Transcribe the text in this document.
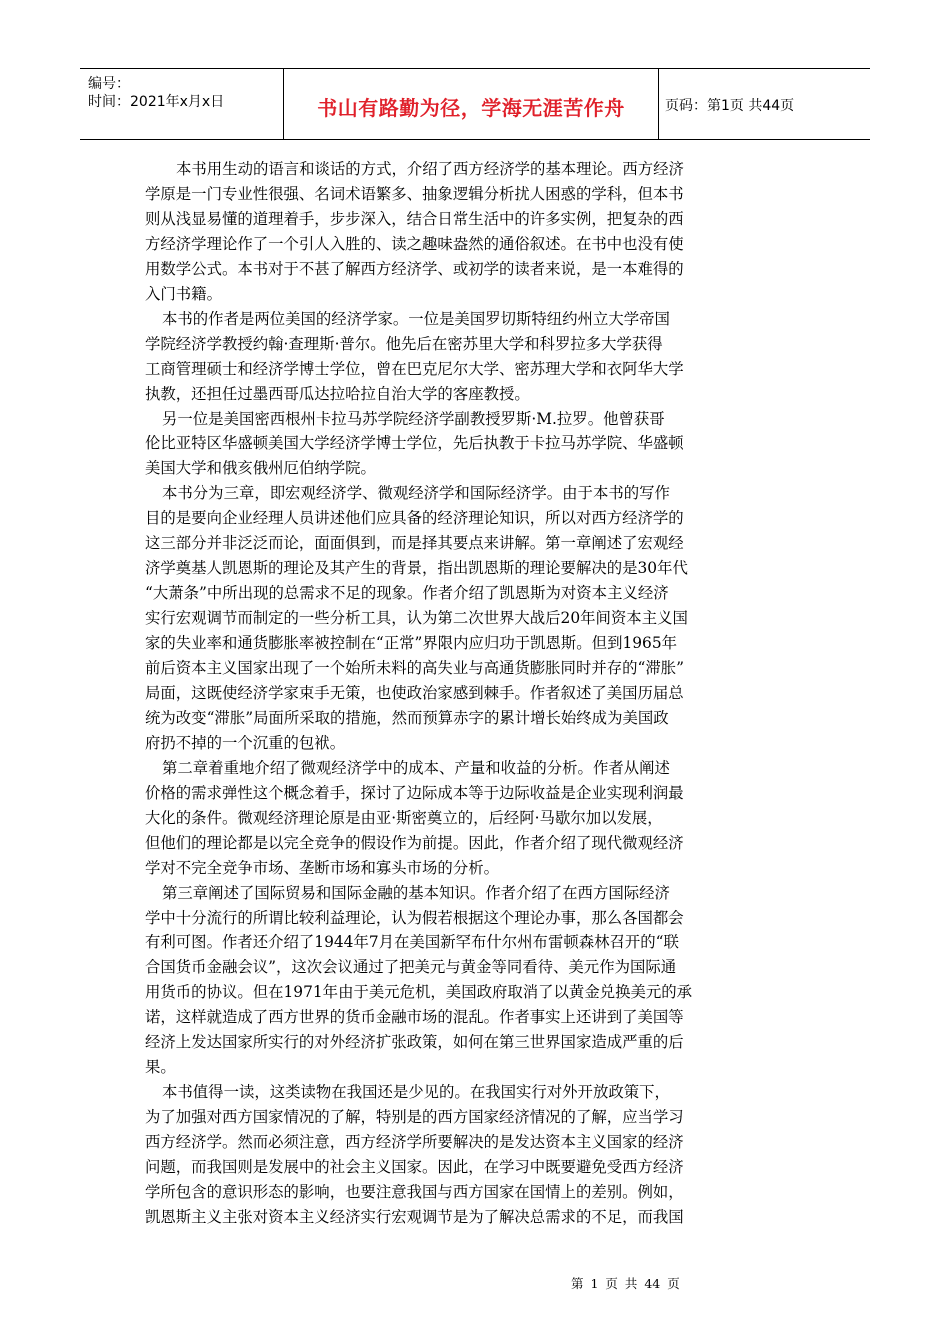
编号：
时间：2021年x月x日	书山有路勤为径，学海无涯苦作舟	页码：第1页 共44页
本书用生动的语言和谈话的方式，介绍了西方经济学的基本理论。西方经济
学原是一门专业性很强、名词术语繁多、抽象逻辑分析扰人困惑的学科，但本书
则从浅显易懂的道理着手，步步深入，结合日常生活中的许多实例，把复杂的西
方经济学理论作了一个引人入胜的、读之趣味盎然的通俗叙述。在书中也没有使
用数学公式。本书对于不甚了解西方经济学、或初学的读者来说，是一本难得的
入门书籍。
本书的作者是两位美国的经济学家。一位是美国罗切斯特纽约州立大学帝国
学院经济学教授约翰·查理斯·普尔。他先后在密苏里大学和科罗拉多大学获得
工商管理硕士和经济学博士学位，曾在巴克尼尔大学、密苏理大学和衣阿华大学
执教，还担任过墨西哥瓜达拉哈拉自治大学的客座教授。
另一位是美国密西根州卡拉马苏学院经济学副教授罗斯·M.拉罗。他曾获哥
伦比亚特区华盛顿美国大学经济学博士学位，先后执教于卡拉马苏学院、华盛顿
美国大学和俄亥俄州厄伯纳学院。
本书分为三章，即宏观经济学、微观经济学和国际经济学。由于本书的写作
目的是要向企业经理人员讲述他们应具备的经济理论知识，所以对西方经济学的
这三部分并非泛泛而论，面面俱到，而是择其要点来讲解。第一章阐述了宏观经
济学奠基人凯恩斯的理论及其产生的背景，指出凯恩斯的理论要解决的是30年代
“大萧条”中所出现的总需求不足的现象。作者介绍了凯恩斯为对资本主义经济
实行宏观调节而制定的一些分析工具，认为第二次世界大战后20年间资本主义国
家的失业率和通货膨胀率被控制在“正常”界限内应归功于凯恩斯。但到1965年
前后资本主义国家出现了一个始所未料的高失业与高通货膨胀同时并存的“滞胀”
局面，这既使经济学家束手无策，也使政治家感到棘手。作者叙述了美国历届总
统为改变“滞胀”局面所采取的措施，然而预算赤字的累计增长始终成为美国政
府扔不掉的一个沉重的包袱。
第二章着重地介绍了微观经济学中的成本、产量和收益的分析。作者从阐述
价格的需求弹性这个概念着手，探讨了边际成本等于边际收益是企业实现利润最
大化的条件。微观经济理论原是由亚·斯密奠立的，后经阿·马歇尔加以发展，
但他们的理论都是以完全竞争的假设作为前提。因此，作者介绍了现代微观经济
学对不完全竞争市场、垄断市场和寡头市场的分析。
第三章阐述了国际贸易和国际金融的基本知识。作者介绍了在西方国际经济
学中十分流行的所谓比较利益理论，认为假若根据这个理论办事，那么各国都会
有利可图。作者还介绍了1944年7月在美国新罕布什尔州布雷顿森林召开的“联
合国货币金融会议”，这次会议通过了把美元与黄金等同看待、美元作为国际通
用货币的协议。但在1971年由于美元危机，美国政府取消了以黄金兑换美元的承
诺，这样就造成了西方世界的货币金融市场的混乱。作者事实上还讲到了美国等
经济上发达国家所实行的对外经济扩张政策，如何在第三世界国家造成严重的后
果。
本书值得一读，这类读物在我国还是少见的。在我国实行对外开放政策下，
为了加强对西方国家情况的了解，特别是的西方国家经济情况的了解，应当学习
西方经济学。然而必须注意，西方经济学所要解决的是发达资本主义国家的经济
问题，而我国则是发展中的社会主义国家。因此，在学习中既要避免受西方经济
学所包含的意识形态的影响，也要注意我国与西方国家在国情上的差别。例如，
凯恩斯主义主张对资本主义经济实行宏观调节是为了解决总需求的不足，而我国
第 1 页 共 44 页
